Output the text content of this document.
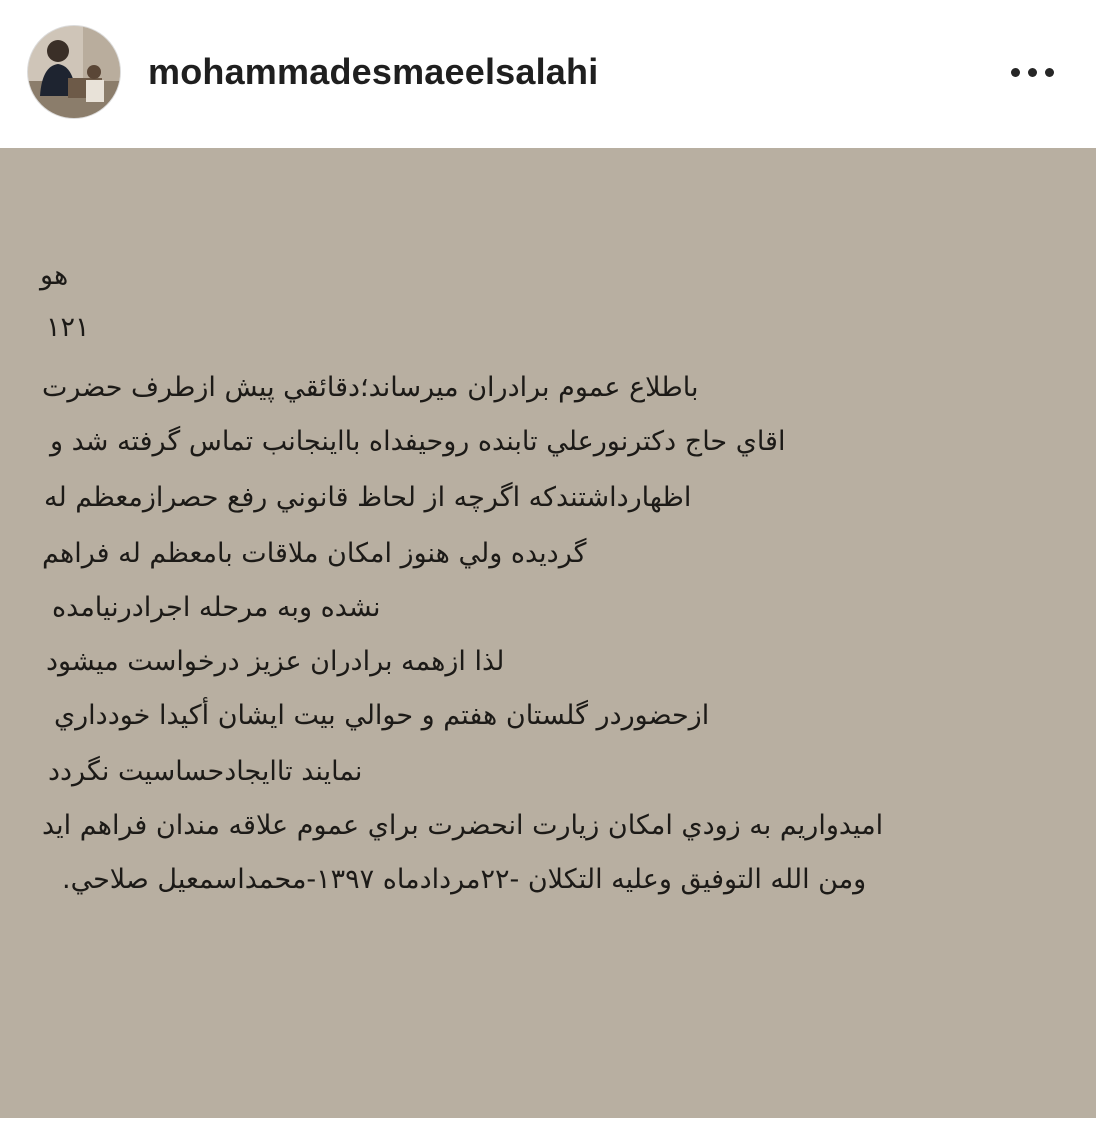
mohammadesmaeelsalahi
هو
۱۲۱
باطلاع عموم برادران ميرساند؛دقائقي پيش ازطرف حضرت
اقاي حاج دكترنورعلي تابنده روحيفداه بااينجانب تماس گرفته شد و
اظهارداشتندكه اگرچه از لحاظ قانوني رفع حصرازمعظم له
گرديده ولي هنوز امكان ملاقات بامعظم له فراهم
نشده وبه مرحله اجرادرنيامده
لذا ازهمه برادران عزيز درخواست ميشود
ازحضوردر گلستان هفتم و حوالي بيت ايشان أكيدا خودداري
نمايند تاايجادحساسيت نگردد
اميدواريم به زودي امكان زيارت انحضرت براي عموم علاقه مندان فراهم ايد
ومن الله التوفيق وعليه التكلان -۲۲مردادماه ۱۳۹۷-محمداسمعيل صلاحي.
